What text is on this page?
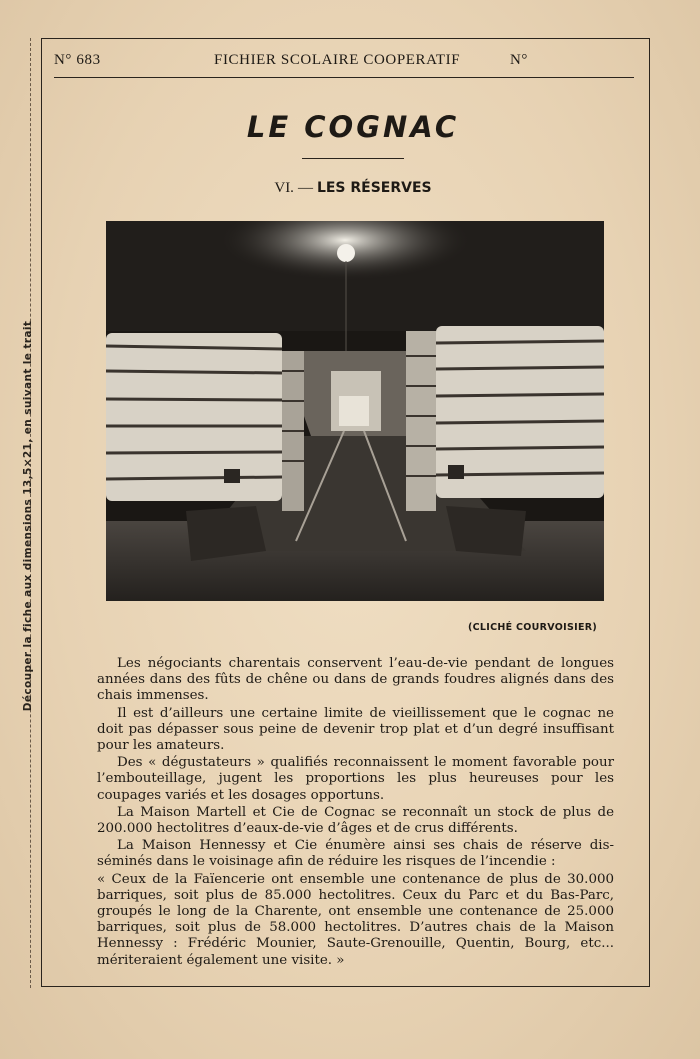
Découper la fiche aux dimensions 13,5×21, en suivant le trait
N° 683	FICHIER SCOLAIRE COOPERATIF	N°
LE COGNAC
VI. — LES RÉSERVES
(CLICHÉ COURVOISIER)

Les négociants charentais conservent l’eau-de-vie pendant de longues années dans des fûts de chêne ou dans de grands foudres alignés dans des chais immenses.

Il est d’ailleurs une certaine limite de vieillissement que le cognac ne doit pas dépasser sous peine de devenir trop plat et d’un degré insuffisant pour les amateurs.

Des « dégustateurs » qualifiés reconnaissent le moment favorable pour l’embouteillage, jugent les proportions les plus heureuses pour les coupages variés et les dosages opportuns.

La Maison Martell et Cie de Cognac se reconnaît un stock de plus de 200.000 hectolitres d’eaux-de-vie d’âges et de crus différents.

La Maison Hennessy et Cie énumère ainsi ses chais de réserve dis-séminés dans le voisinage afin de réduire les risques de l’incendie :

« Ceux de la Faïencerie ont ensemble une contenance de plus de 30.000 barriques, soit plus de 85.000 hectolitres. Ceux du Parc et du Bas-Parc, groupés le long de la Charente, ont ensemble une contenance de 25.000 barriques, soit plus de 58.000 hectolitres. D’autres chais de la Maison Hennessy : Frédéric Mounier, Saute-Grenouille, Quentin, Bourg, etc... mériteraient également une visite. »
